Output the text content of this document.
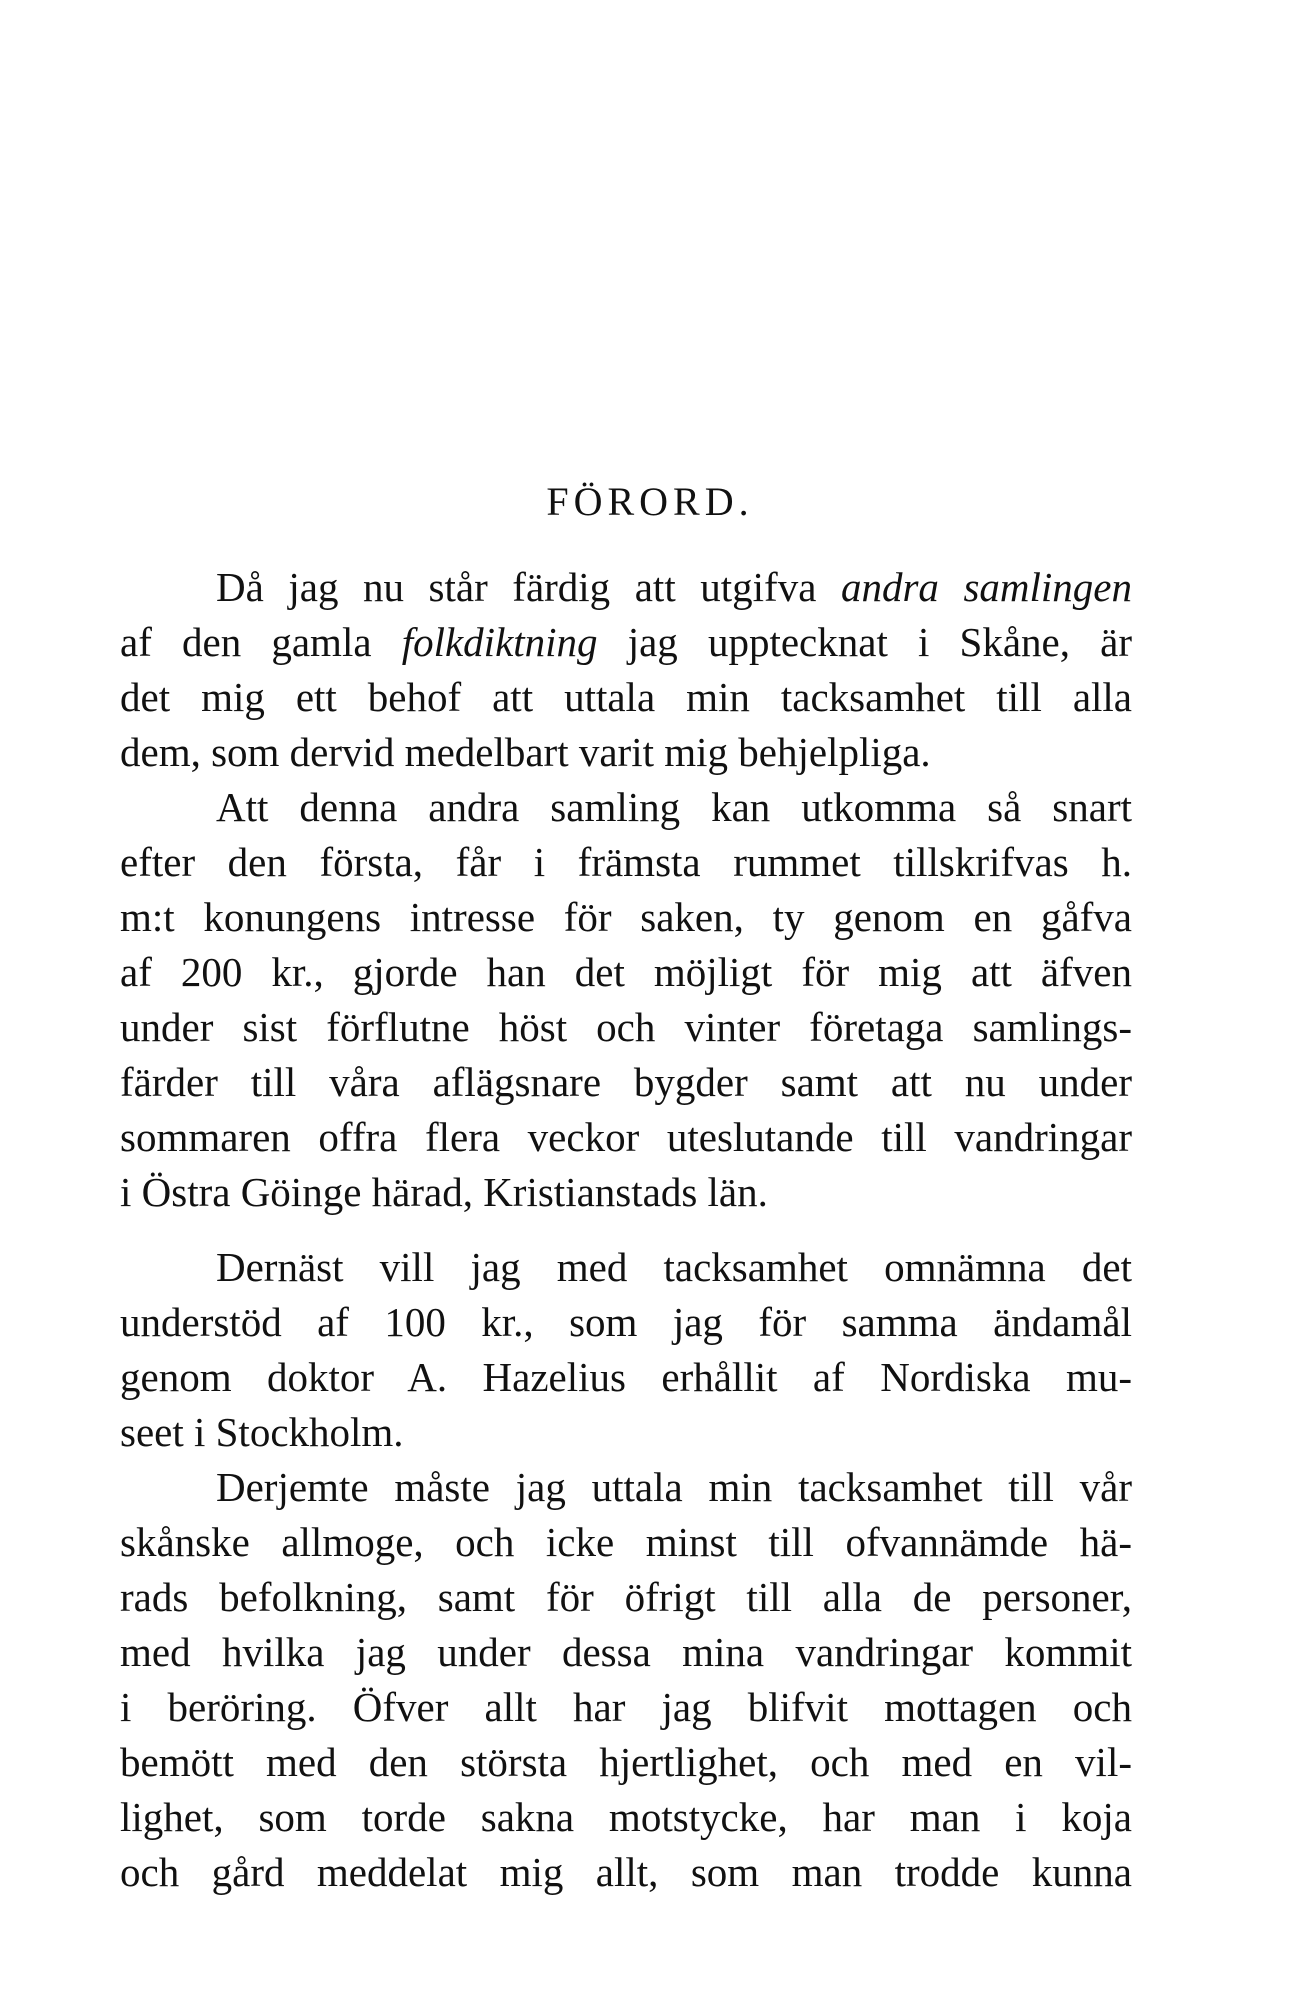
FÖRORD.
Då jag nu står färdig att utgifva andra samlingen
af den gamla folkdiktning jag upptecknat i Skåne, är
det mig ett behof att uttala min tacksamhet till alla
dem, som dervid medelbart varit mig behjelpliga.
Att denna andra samling kan utkomma så snart
efter den första, får i främsta rummet tillskrifvas h.
m:t konungens intresse för saken, ty genom en gåfva
af 200 kr., gjorde han det möjligt för mig att äfven
under sist förflutne höst och vinter företaga samlings-
färder till våra aflägsnare bygder samt att nu under
sommaren offra flera veckor uteslutande till vandringar
i Östra Göinge härad, Kristianstads län.
Dernäst vill jag med tacksamhet omnämna det
understöd af 100 kr., som jag för samma ändamål
genom doktor A. Hazelius erhållit af Nordiska mu-
seet i Stockholm.
Derjemte måste jag uttala min tacksamhet till vår
skånske allmoge, och icke minst till ofvannämde hä-
rads befolkning, samt för öfrigt till alla de personer,
med hvilka jag under dessa mina vandringar kommit
i beröring. Öfver allt har jag blifvit mottagen och
bemött med den största hjertlighet, och med en vil-
lighet, som torde sakna motstycke, har man i koja
och gård meddelat mig allt, som man trodde kunna
